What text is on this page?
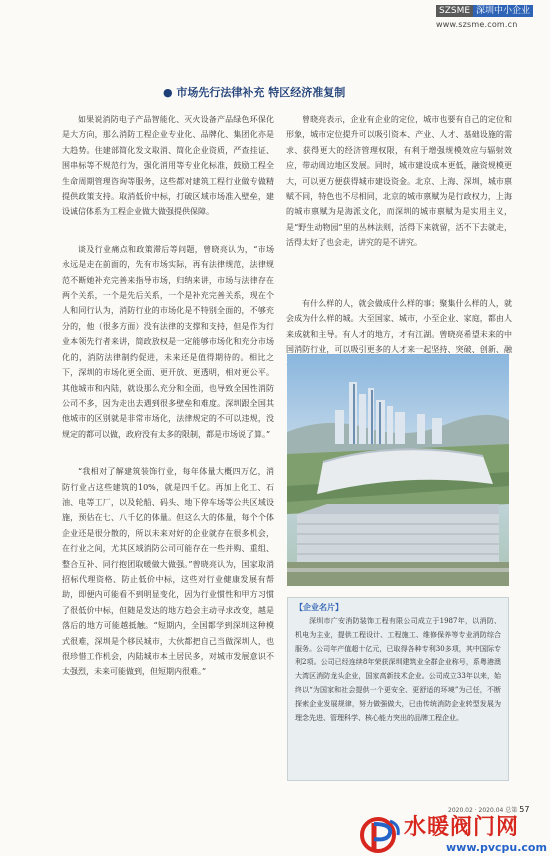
SZSME 深圳中小企业
www.szsme.com.cn
● 市场先行法律补充 特区经济准复制

如果说消防电子产品智能化、灭火设备产品绿色环保化是大方向，那么消防工程企业专业化、品牌化、集团化亦是大趋势。住建部简化发文取消、简化企业资质，严查挂证、围串标等不规范行为，强化消用等专业化标准，鼓励工程全生命周期管理咨询等服务，这些都对建筑工程行业做专做精提供政策支持。取消低价中标，打破区域市场准入壁垒，建设诚信体系为工程企业做大做强提供保障。

谈及行业痛点和政策滞后等问题，曾晓亮认为，“市场永远是走在前面的，先有市场实际，再有法律规范，法律规范不断她补充完善来指导市场，归纳来讲，市场与法律存在两个关系，一个是先后关系，一个是补充完善关系，现在个人和同行认为，消防行业的市场化是不特别全面的，不够充分的，他（很多方面）没有法律的支撑和支持，但是作为行业本领先行者来讲，简政放权是一定能够市场化和充分市场化的，消防法律制约促进，未来还是值得期待的。相比之下，深圳的市场化更全面、更开放、更透明，相对更公平。其他城市和内陆，就设那么充分和全面，也导致全国性消防公司不多，因为走出去遇到很多壁垒和难度。深圳跟全国其他城市的区别就是非常市场化，法律规定的不可以违规，没规定的都可以做，政府没有太多的限制，都是市场说了算。”

“我相对了解建筑装饰行业，每年体量大概四万亿，消防行业占这些建筑的10%，就是四千亿。再加上化工、石油、电等工厂，以及轮船、码头、地下停车场等公共区域设施，预估在七、八千亿的体量。但这么大的体量，每个个体企业还是很分散的，所以未来对好的企业就存在很多机会，在行业之间，尤其区域消防公司可能存在一些并购、重组、整合互补、同行抱团取暖做大做强。”曾晓亮认为，国家取消招标代理资格、防止低价中标，这些对行业健康发展有帮助，即便内可能看不到明显变化，因为行业惯性和甲方习惯了很低价中标，但随是发达的地方趋会主动寻求改变，越是落后的地方可能越抵触。“短期内，全国都学到深圳这种模式很难，深圳是个移民城市，大伙都把自己当做深圳人，也很珍惜工作机会，内陆城市本土居民多，对城市发展意识不太强烈，未来可能做到，但短期内很难。”

曾晓亮表示，企业有企业的定位，城市也要有自己的定位和形象，城市定位提升可以吸引资本、产业、人才、基础设施的需求、获得更大的经济管理权限，有利于增强规模效应与辐射效应，带动周边地区发展。同时，城市建设成本更低，融资规模更大，可以更方便获得城市建设资金。北京、上海、深圳，城市禀赋不同，特色也不尽相同，北京的城市禀赋为是行政权力，上海的城市禀赋为是海派文化，而深圳的城市禀赋为是实用主义，是“野生动物园”里的丛林法则，活得下来就留，活不下去就走，活得太好了也会走，讲究的是不讲究。

有什么样的人，就会做成什么样的事；聚集什么样的人，就会成为什么样的城。大至国家、城市，小至企业、家庭，都由人来成就和主导。有人才的地方，才有江湖。曾晓亮希望未来的中国消防行业，可以吸引更多的人才来一起坚持、突破、创新、融

【企业名片】

深圳市广安消防装饰工程有限公司成立于1987年，以消防、机电为主业，提供工程设计、工程施工、维修保养等专业消防综合服务。公司年产值超十亿元，已取得各种专利30多项，其中国际专利2项。公司已经连续8年荣获深圳建筑业全群企业称号，系粤港澳大湾区消防龙头企业，国家高新技术企业。公司成立33年以来，始终以“为国家和社会提供一个更安全、更舒适的环境”为己任，不断探索企业发展规律，努力做强做大，已由传统消防企业转型发展为理念先进、管理科学、核心能力突出的品牌工程企业。

2020.02 · 2020.04 总第 57
水暖阀门网
www.pvcpu.com
